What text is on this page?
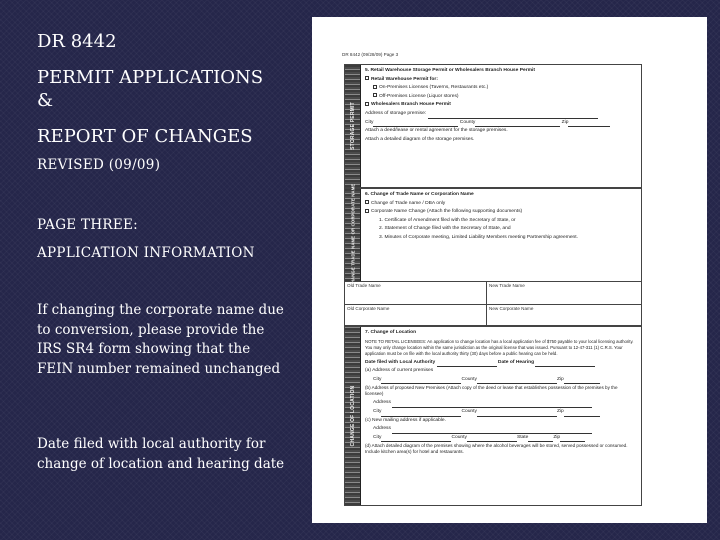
DR 8442
PERMIT APPLICATIONS
&
REPORT OF CHANGES
REVISED (09/09)
PAGE THREE:
APPLICATION INFORMATION
If changing the corporate name due to conversion, please provide the IRS SR4 form showing that the FEIN number remained unchanged
Date filed with local authority for change of location and hearing date
DR 8442 (09/28/09) Page 3
STORAGE PERMIT
5. Retail Warehouse Storage Permit or Wholesalers Branch House Permit
Retail Warehouse Permit for:
On-Premises Licenses (Taverns, Restaurants etc.)
Off-Premises License (Liquor stores)
Wholesalers Branch House Permit
Address of storage premise:
City	County	Zip
Attach a deed/lease or rental agreement for the storage premises.
Attach a detailed diagram of the storage premises.
CHANGE TRADE NAME OR CORPORATE NAME 6. Change of Trade Name or Corporation Name
Change of Trade name / DBA only
Corporate Name Change (Attach the following supporting documents)
1. Certificate of Amendment filed with the Secretary of State, or
2. Statement of Change filed with the Secretary of State, and
3. Minutes of Corporate meeting, Limited Liability Members meeting Partnership agreement.
Old Trade Name	New Trade Name
Old Corporate Name	New Corporate Name
CHANGE OF LOCATION
7. Change of Location
NOTE TO RETAIL LICENSEES: An application to change location has a local application fee of $750 payable to your local licensing authority. You may only change location within the same jurisdiction as the original license that was issued. Pursuant to 12-47-311 (1) C.R.S. Your application must be on file with the local authority thirty (30) days before a public hearing can be held.
Date filed with Local Authority	Date of Hearing
(a) Address of current premises
City	County	Zip
(b) Address of proposed New Premises (Attach copy of the deed or lease that establishes possession of the premises by the licensee)
Address
City	County	Zip
(c) New mailing address if applicable.
Address
City	County	State	Zip
(d) Attach detailed diagram of the premises showing where the alcohol beverages will be stored, served possessed or consumed. Include kitchen area(s) for hotel and restaurants.
